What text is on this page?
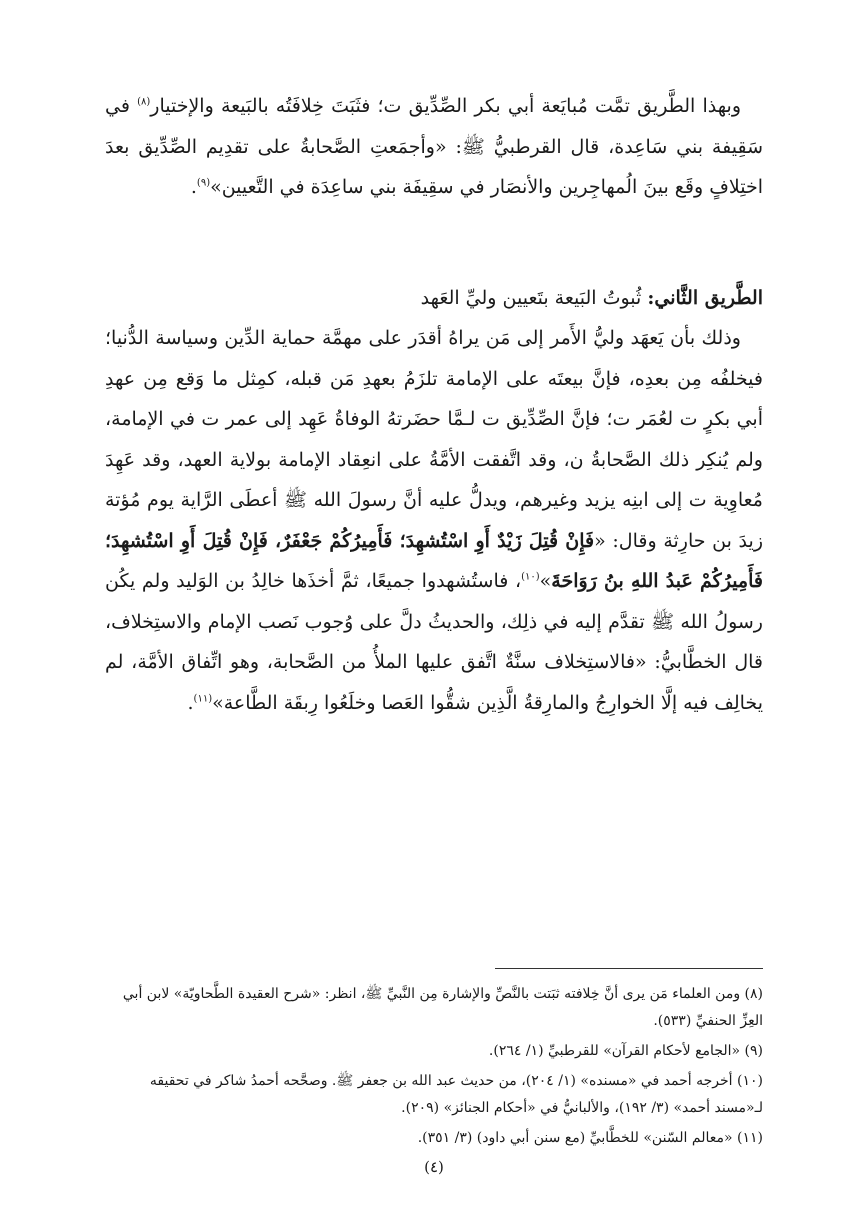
وبهذا الطَّريق تمَّت مُبايَعة أبي بكر الصِّدِّيق ت؛ فثَبَتَ خِلافَتُه بالبَيعة والإختيار$^{(٨)}$ في سَقِيفة بني سَاعِدة، قال القرطبيُّ ﷺ: «وأجمَعتِ الصَّحابةُ على تقدِيم الصِّدِّيق بعدَ اختِلافٍ وقَع بينَ الُمهاجِرين والأنصَار في سقِيفَة بني ساعِدَة في التَّعيين»$^{(٩)}$.

الطَّريق الثَّاني: ثُبوتُ البَيعة بتَعيين وليِّ العَهد

وذلك بأن يَعهَد وليُّ الأَمر إلى مَن يراهُ أقدَر على مهمَّة حماية الدِّين وسياسة الدُّنيا؛ فيخلفُه مِن بعدِه، فإنَّ بيعتَه على الإمامة تلزَمُ بعهدِ مَن قبله، كمِثل ما وَقع مِن عهدِ أبي بكرٍ ت لعُمَر ت؛ فإنَّ الصِّدِّيق ت لـمَّا حضَرتهُ الوفاةُ عَهِد إلى عمر ت في الإمامة، ولم يُنكِر ذلك الصَّحابةُ ن، وقد اتَّفقت الأمَّةُ على انعِقاد الإمامة بولاية العهد، وقد عَهِدَ مُعاوِية ت إلى ابنِه يزيد وغيرهم، ويدلُّ عليه أنَّ رسولَ الله ﷺ أعطَى الرَّاية يوم مُؤتة زيدَ بن حارِثة وقال: «فَإِنْ قُتِلَ زَيْدٌ أَوِ اسْتُشهِدَ؛ فَأَمِيرُكُمْ جَعْفَرٌ، فَإِنْ قُتِلَ أَوِ اسْتُشهِدَ؛ فَأَمِيرُكُمْ عَبدُ اللهِ بنُ رَوَاحَةَ»$^{(١٠)}$، فاستُشهدوا جميعًا، ثمَّ أخذَها خالِدُ بن الوَليد ولم يكُن رسولُ الله ﷺ تقدَّم إليه في ذلِك، والحديثُ دلَّ على وُجوب نَصب الإمام والاستِخلاف، قال الخطَّابيُّ: «فالاستِخلاف سنَّةٌ اتَّفق عليها الملأُ من الصَّحابة، وهو اتِّفاق الأمَّة، لم يخالِف فيه إلَّا الخوارِجُ والمارِقةُ الَّذِين شقُّوا العَصا وخلَعُوا رِبقَة الطَّاعة»$^{(١١)}$.

(٨) ومن العلماء مَن يرى أنَّ خِلافته ثبَتت بالنَّصِّ والإشارة مِن النَّبيِّ ﷺ، انظر: «شرح العقيدة الطَّحاويّة» لابن أبي العِزِّ الحنفيِّ (٥٣٣).

(٩) «الجامع لأحكام القرآن» للقرطبيِّ (١/ ٢٦٤).

(١٠) أخرجه أحمد في «مسنده» (١/ ٢٠٤)، من حديث عبد الله بن جعفر ﷺ. وصحَّحه أحمدُ شاكر في تحقيقه لـ«مسند أحمد» (٣/ ١٩٢)، والألبانيُّ في «أحكام الجنائز» (٢٠٩).

(١١) «معالم السّنن» للخطَّابيِّ (مع سنن أبي داود) (٣/ ٣٥١).

(٤)
